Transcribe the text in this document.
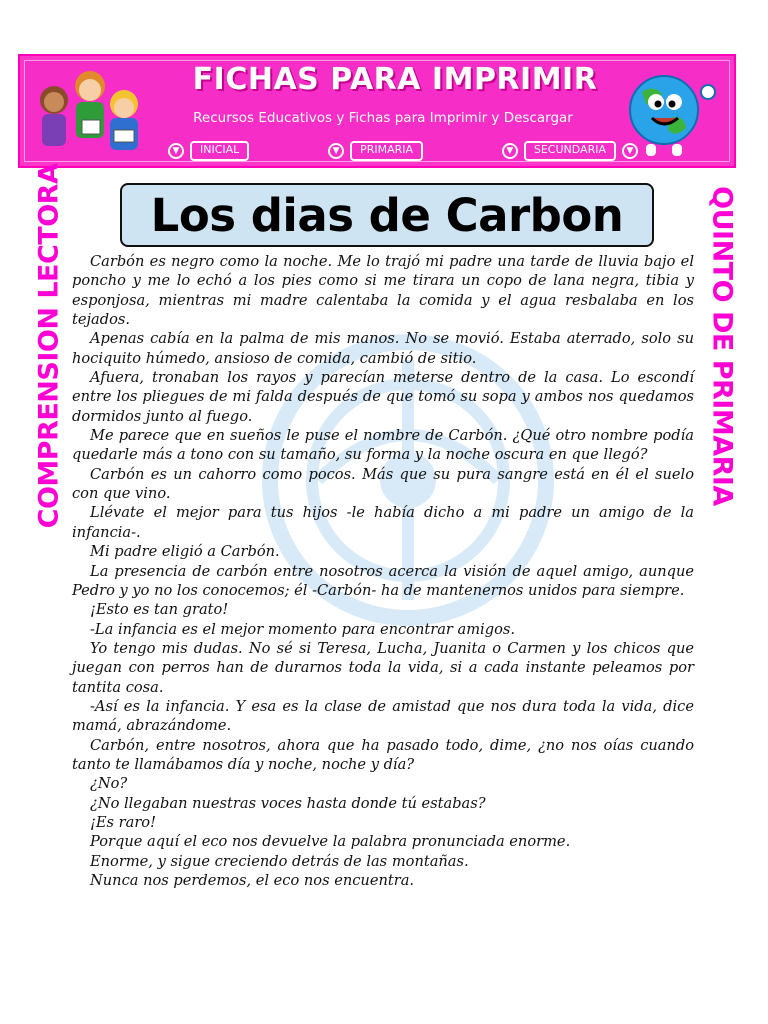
FICHAS PARA IMPRIMIR
Recursos Educativos y Fichas para Imprimir y Descargar
▼	INICIAL	▼	PRIMARIA	▼	SECUNDARIA	▼
COMPRENSION LECTORA	QUINTO DE PRIMARIA
Los dias de Carbon

Carbón es negro como la noche. Me lo trajó mi padre una tarde de lluvia bajo el poncho y me lo echó a los pies como si me tirara un copo de lana negra, tibia y esponjosa, mientras mi madre calentaba la comida y el agua resbalaba en los tejados.

Apenas cabía en la palma de mis manos. No se movió. Estaba aterrado, solo su hociquito húmedo, ansioso de comida, cambió de sitio.

Afuera, tronaban los rayos y parecían meterse dentro de la casa. Lo escondí entre los pliegues de mi falda después de que tomó su sopa y ambos nos quedamos dormidos junto al fuego.

Me parece que en sueños le puse el nombre de Carbón. ¿Qué otro nombre podía quedarle más a tono con su tamaño, su forma y la noche oscura en que llegó?

Carbón es un cahorro como pocos. Más que su pura sangre está en él el suelo con que vino.

Llévate el mejor para tus hijos -le había dicho a mi padre un amigo de la infancia-.

Mi padre eligió a Carbón.

La presencia de carbón entre nosotros acerca la visión de aquel amigo, aunque Pedro y yo no los conocemos; él -Carbón- ha de mantenernos unidos para siempre.

¡Esto es tan grato!

-La infancia es el mejor momento para encontrar amigos.

Yo tengo mis dudas. No sé si Teresa, Lucha, Juanita o Carmen y los chicos que juegan con perros han de durarnos toda la vida, si a cada instante peleamos por tantita cosa.

-Así es la infancia. Y esa es la clase de amistad que nos dura toda la vida, dice mamá, abrazándome.

Carbón, entre nosotros, ahora que ha pasado todo, dime, ¿no nos oías cuando tanto te llamábamos día y noche, noche y día?

¿No?

¿No llegaban nuestras voces hasta donde tú estabas?

¡Es raro!

Porque aquí el eco nos devuelve la palabra pronunciada enorme.

Enorme, y sigue creciendo detrás de las montañas.

Nunca nos perdemos, el eco nos encuentra.
